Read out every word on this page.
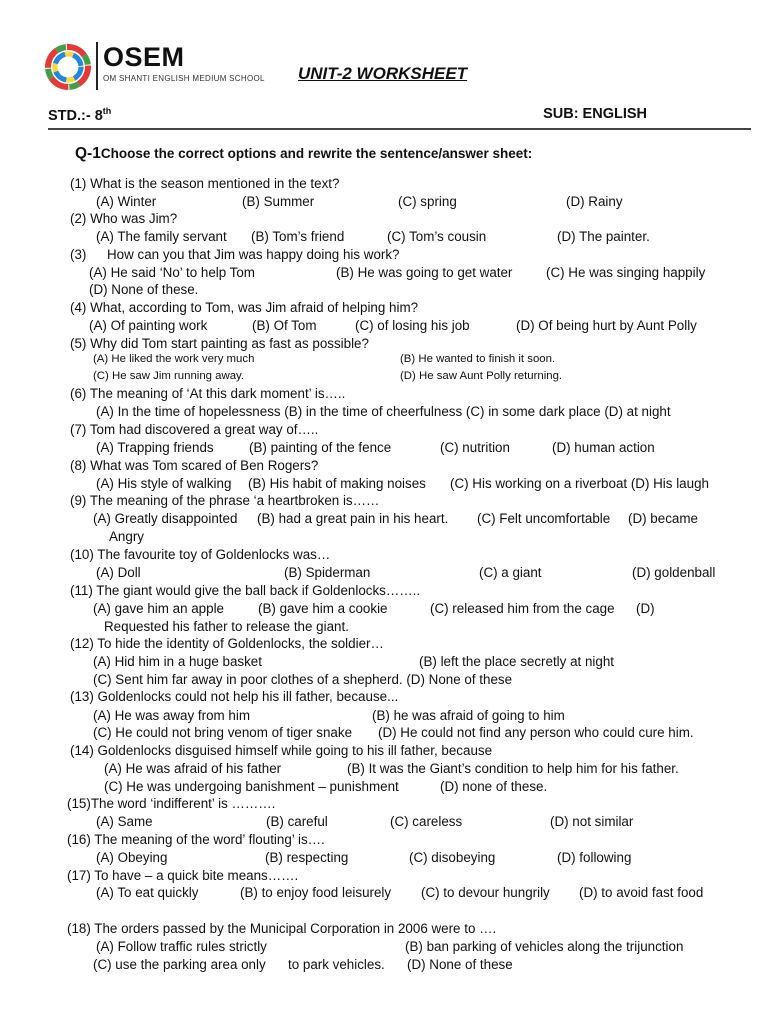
OSEM
OM SHANTI ENGLISH MEDIUM SCHOOL UNIT-2 WORKSHEET
STD.:- 8th	SUB: ENGLISH
Q-1Choose the correct options and rewrite the sentence/answer sheet:
(1) What is the season mentioned in the text?
(A) Winter	(B) Summer	(C) spring	(D) Rainy
(2) Who was Jim?
(A) The family servant (B) Tom’s friend	(C) Tom’s cousin	(D) The painter.
(3) How can you that Jim was happy doing his work?
(A) He said ‘No’ to help Tom	(B) He was going to get water	(C) He was singing happily
(D) None of these.
(4) What, according to Tom, was Jim afraid of helping him?
(A) Of painting work	(B) Of Tom	(C) of losing his job	(D) Of being hurt by Aunt Polly
(5) Why did Tom start painting as fast as possible?
(A) He liked the work very much	(B) He wanted to finish it soon.
(C) He saw Jim running away.	(D) He saw Aunt Polly returning.
(6) The meaning of ‘At this dark moment’ is…..
(A) In the time of hopelessness (B) in the time of cheerfulness (C) in some dark place (D) at night
(7) Tom had discovered a great way of…..
(A) Trapping friends	(B) painting of the fence	(C) nutrition	(D) human action
(8) What was Tom scared of Ben Rogers?
(A) His style of walking (B) His habit of making noises (C) His working on a riverboat (D) His laugh
(9) The meaning of the phrase ‘a heartbroken is……
(A) Greatly disappointed (B) had a great pain in his heart. (C) Felt uncomfortable (D) became
Angry
(10) The favourite toy of Goldenlocks was…
(A) Doll	(B) Spiderman	(C) a giant	(D) goldenball
(11) The giant would give the ball back if Goldenlocks……..
(A) gave him an apple	(B) gave him a cookie	(C) released him from the cage (D)
Requested his father to release the giant.
(12) To hide the identity of Goldenlocks, the soldier…
(A) Hid him in a huge basket	(B) left the place secretly at night
(C) Sent him far away in poor clothes of a shepherd. (D) None of these
(13) Goldenlocks could not help his ill father, because...
(A) He was away from him	(B) he was afraid of going to him
(C) He could not bring venom of tiger snake (D) He could not find any person who could cure him.
(14) Goldenlocks disguised himself while going to his ill father, because
(A) He was afraid of his father	(B) It was the Giant’s condition to help him for his father.
(C) He was undergoing banishment – punishment	(D) none of these.
(15)The word ‘indifferent’ is ……….
(A) Same	(B) careful	(C) careless	(D) not similar
(16) The meaning of the word’ flouting’ is….
(A) Obeying	(B) respecting	(C) disobeying	(D) following
(17) To have – a quick bite means…….
(A) To eat quickly	(B) to enjoy food leisurely (C) to devour hungrily (D) to avoid fast food
(18) The orders passed by the Municipal Corporation in 2006 were to ….
(A) Follow traffic rules strictly	(B) ban parking of vehicles along the trijunction
(C) use the parking area only to park vehicles. (D) None of these
